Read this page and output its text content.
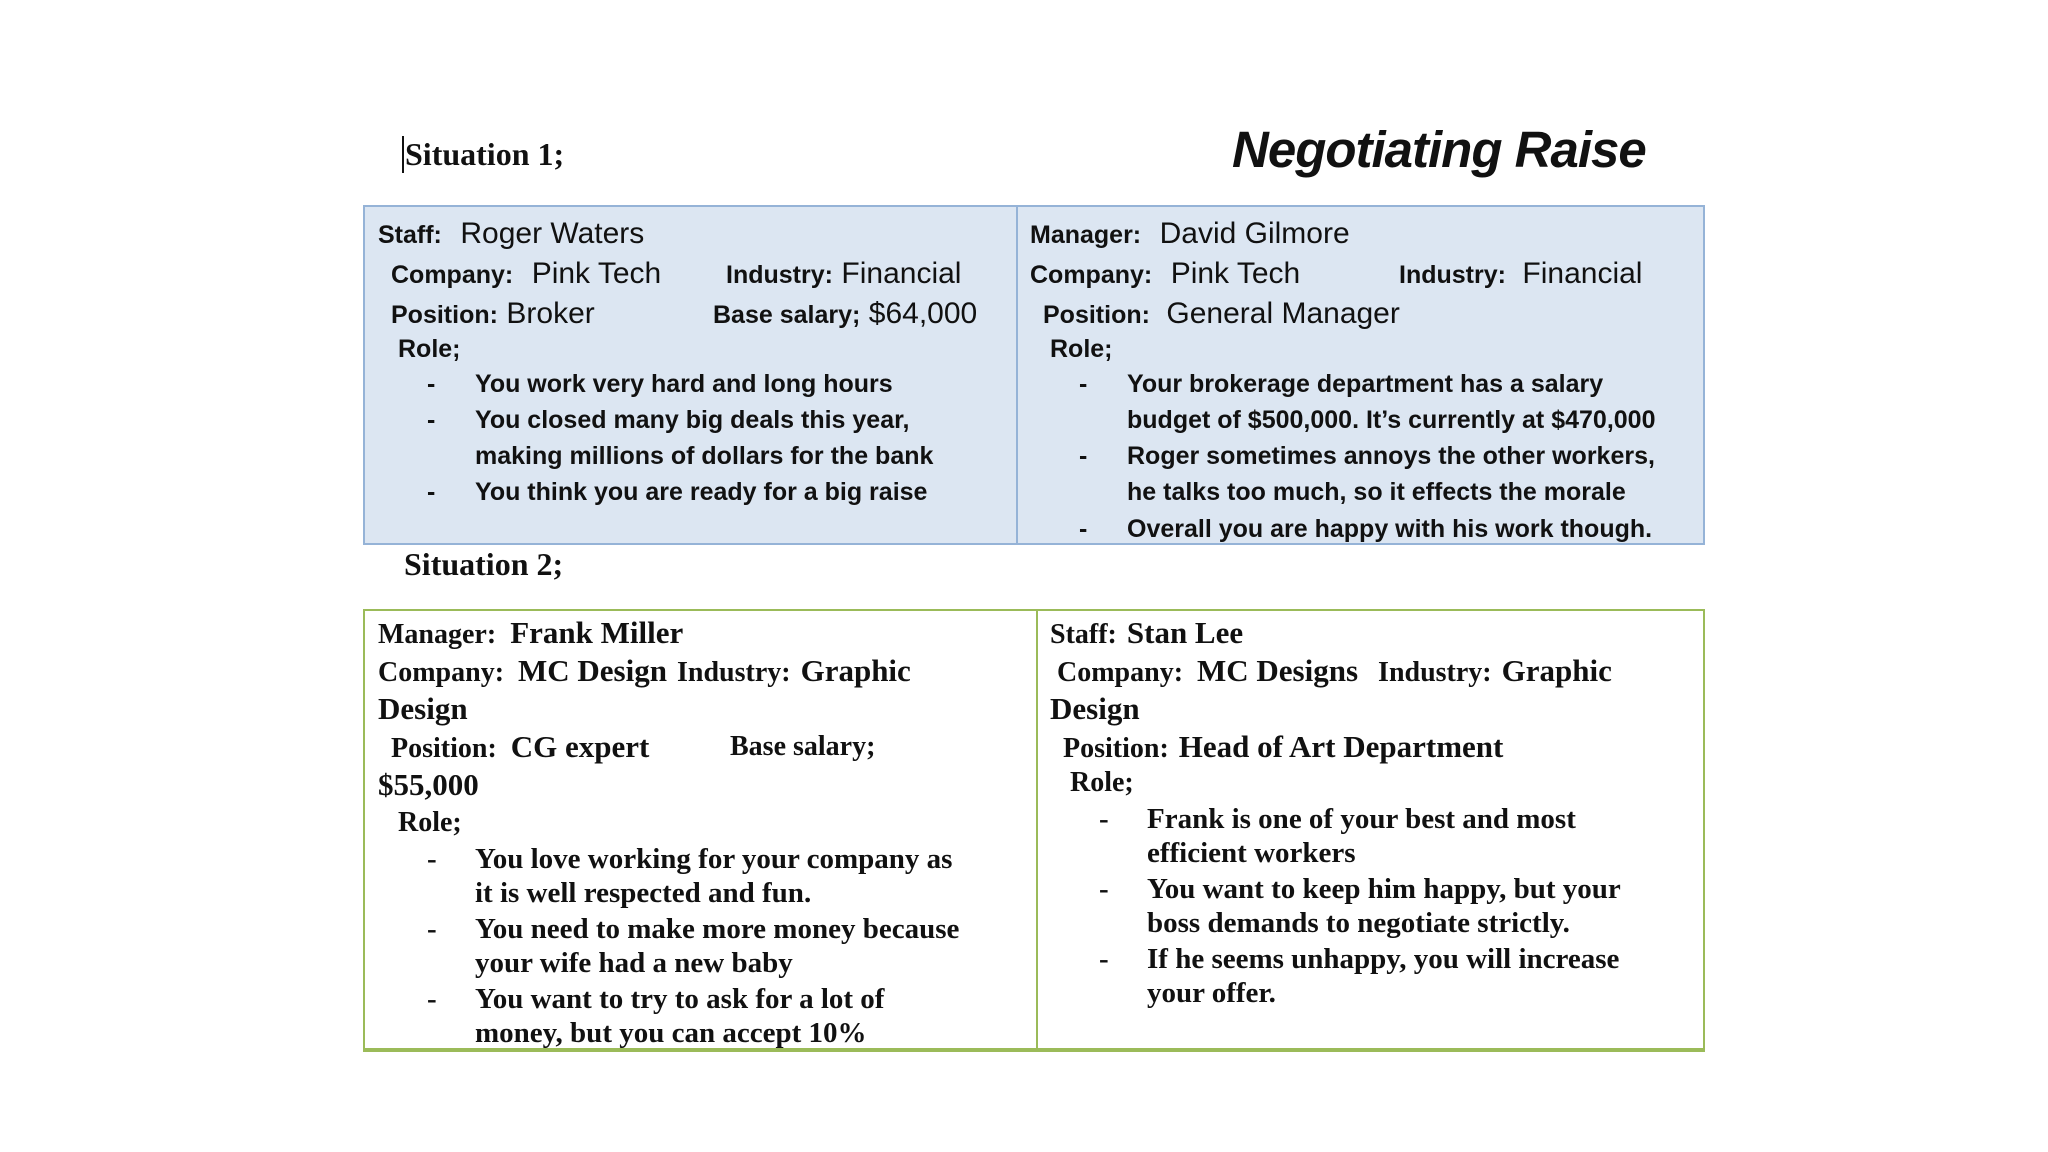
Situation 1;	Negotiating Raise
Staff: Roger Waters
Company: Pink Tech	Industry: Financial
Position: Broker	Base salary; $64,000
Role;
- You work very hard and long hours
- You closed many big deals this year,
making millions of dollars for the bank
- You think you are ready for a big raise
Manager: David Gilmore
Company: Pink Tech	Industry: Financial
Position: General Manager
Role;
- Your brokerage department has a salary
budget of $500,000. It’s currently at $470,000
- Roger sometimes annoys the other workers,
he talks too much, so it effects the morale
- Overall you are happy with his work though.
Situation 2;
Manager: Frank Miller
Company: MC Design Industry: Graphic
Design
Position: CG expert	Base salary;
$55,000
Role;
- You love working for your company as
it is well respected and fun.
- You need to make more money because
your wife had a new baby
- You want to try to ask for a lot of
money, but you can accept 10%
Staff: Stan Lee
Company: MC Designs Industry: Graphic
Design
Position: Head of Art Department
Role;
- Frank is one of your best and most
efficient workers
- You want to keep him happy, but your
boss demands to negotiate strictly.
- If he seems unhappy, you will increase
your offer.
